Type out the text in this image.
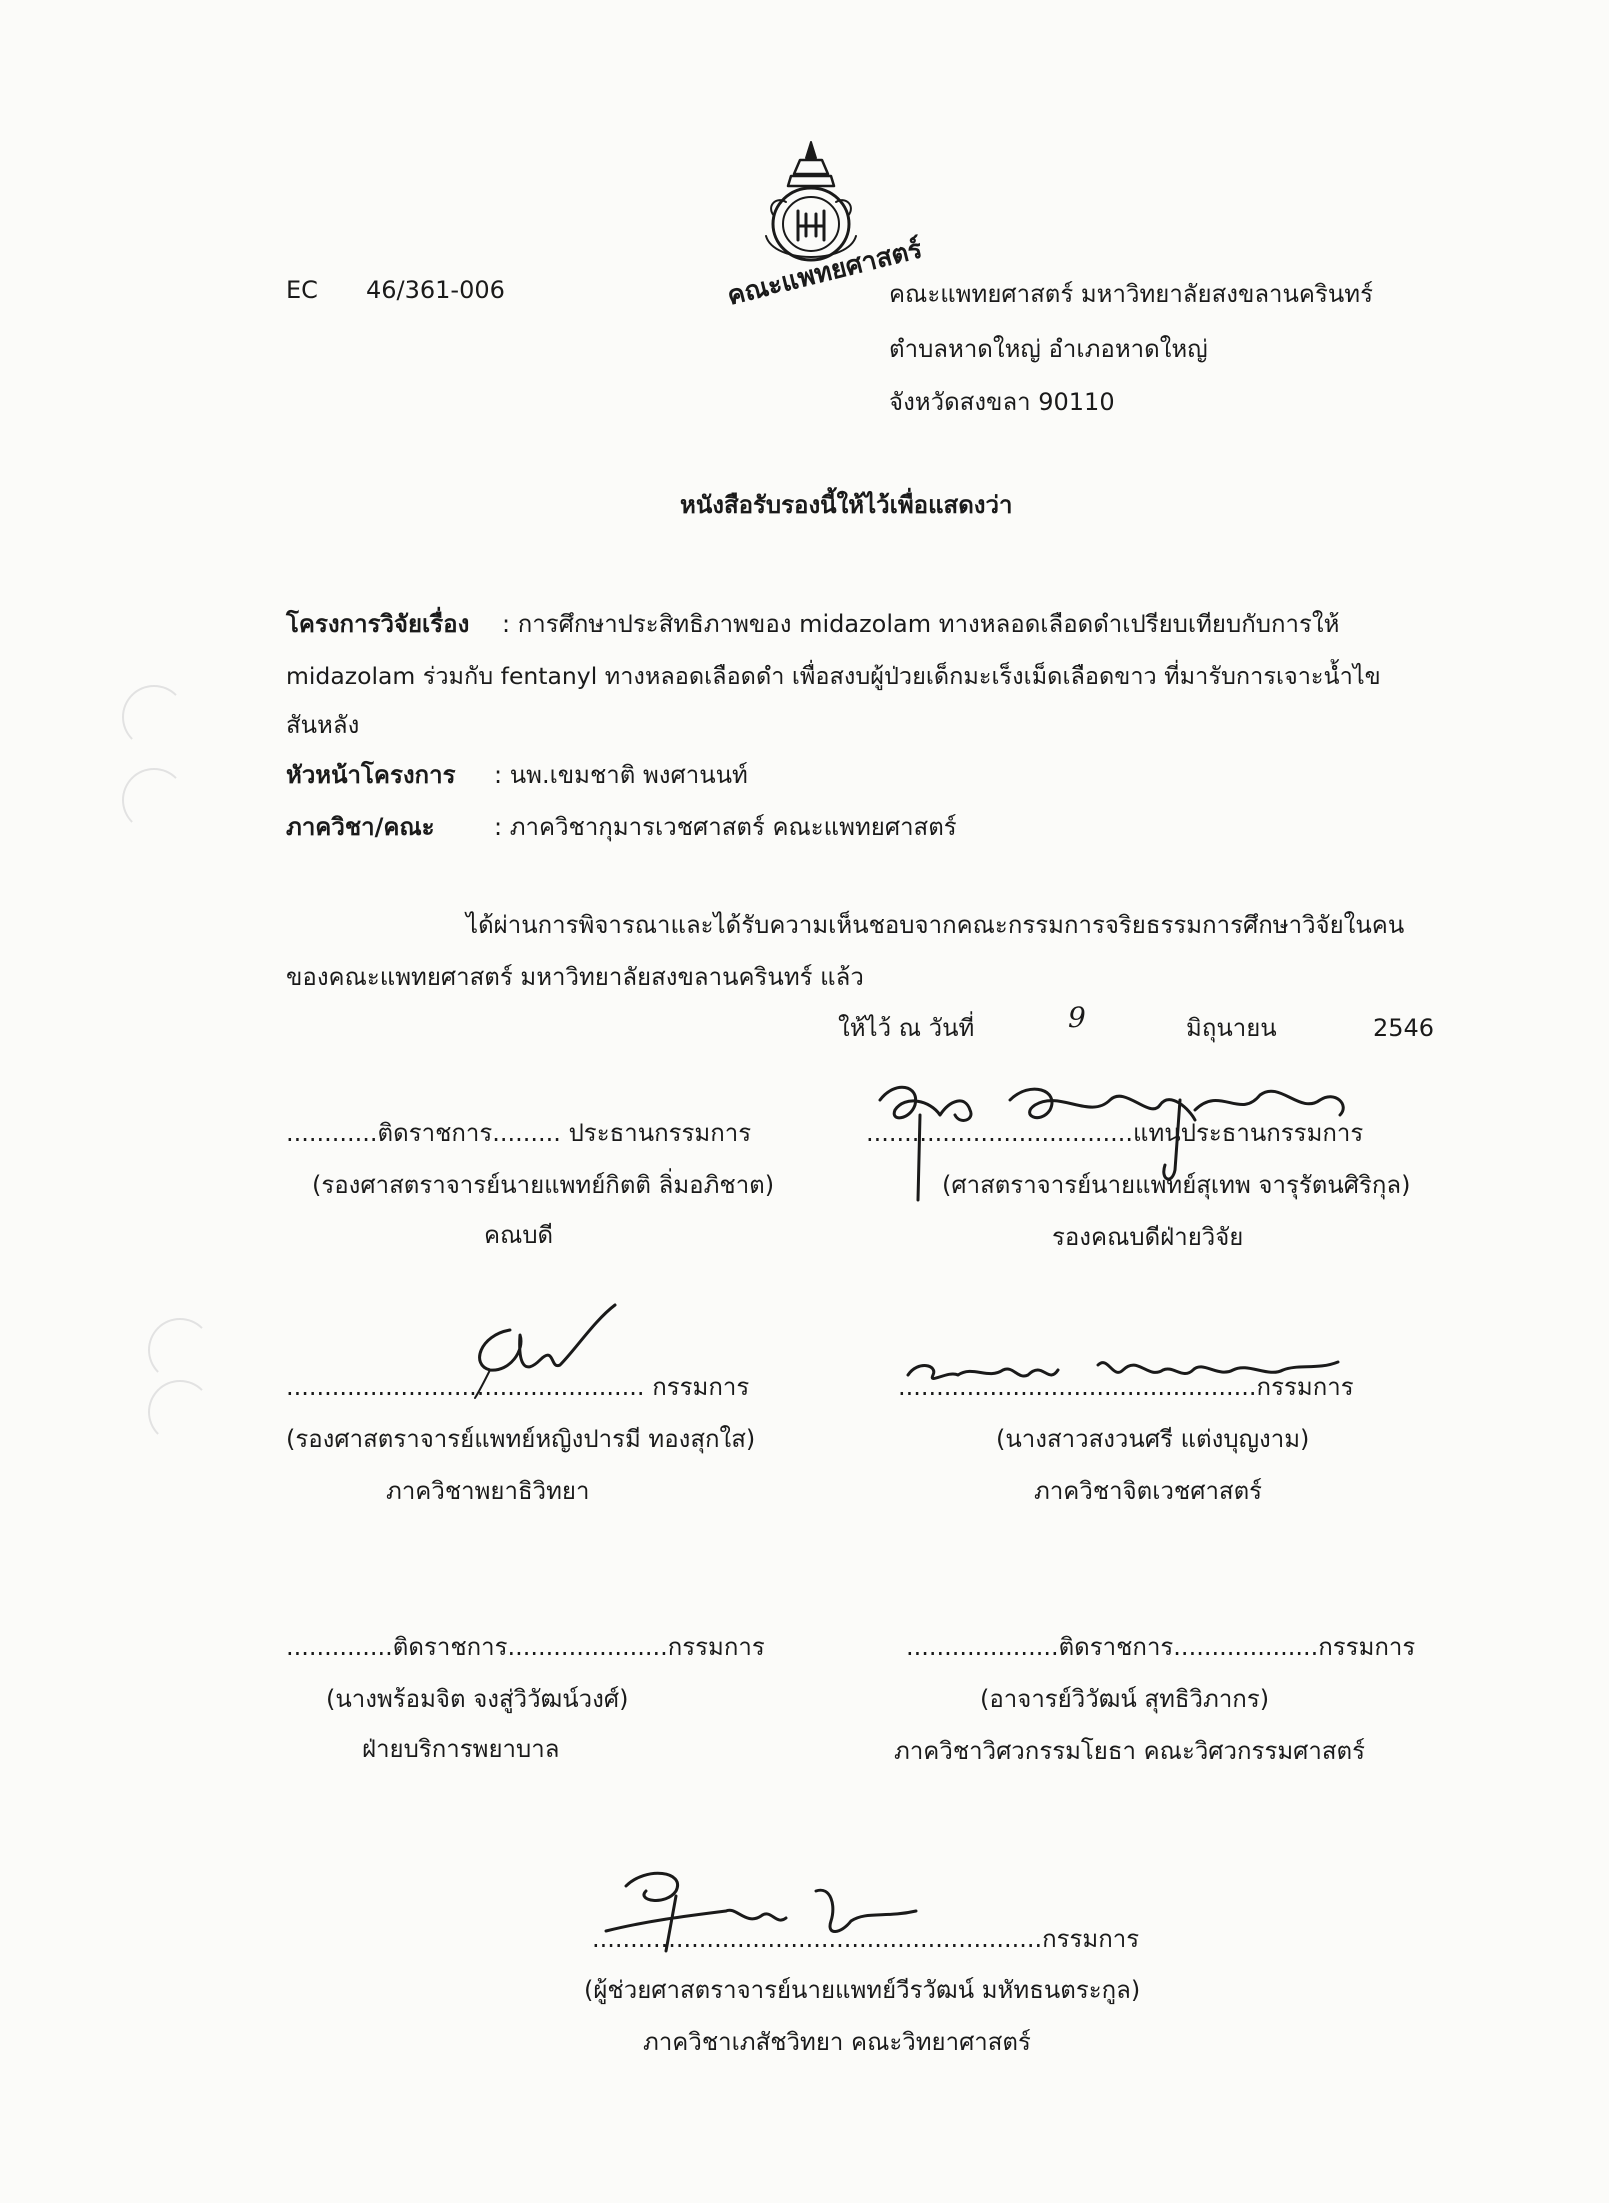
คณะแพทยศาสตร์
EC 46/361-006	คณะแพทยศาสตร์ มหาวิทยาลัยสงขลานครินทร์
ตำบลหาดใหญ่ อำเภอหาดใหญ่
จังหวัดสงขลา 90110
หนังสือรับรองนี้ให้ไว้เพื่อแสดงว่า
โครงการวิจัยเรื่อง : การศึกษาประสิทธิภาพของ midazolam ทางหลอดเลือดดำเปรียบเทียบกับการให้
midazolam ร่วมกับ fentanyl ทางหลอดเลือดดำ เพื่อสงบผู้ป่วยเด็กมะเร็งเม็ดเลือดขาว ที่มารับการเจาะน้ำไข
สันหลัง
หัวหน้าโครงการ : นพ.เขมชาติ พงศานนท์
ภาควิชา/คณะ : ภาควิชากุมารเวชศาสตร์ คณะแพทยศาสตร์
ได้ผ่านการพิจารณาและได้รับความเห็นชอบจากคณะกรรมการจริยธรรมการศึกษาวิจัยในคน
ของคณะแพทยศาสตร์ มหาวิทยาลัยสงขลานครินทร์ แล้ว
ให้ไว้ ณ วันที่	9	มิถุนายน	2546
............ติดราชการ......... ประธานกรรมการ
(รองศาสตราจารย์นายแพทย์กิตติ ลิ่มอภิชาต)
คณบดี
...................................แทนประธานกรรมการ
(ศาสตราจารย์นายแพทย์สุเทพ จารุรัตนศิริกุล)
รองคณบดีฝ่ายวิจัย
............................................... กรรมการ
(รองศาสตราจารย์แพทย์หญิงปารมี ทองสุกใส)
ภาควิชาพยาธิวิทยา
...............................................กรรมการ
(นางสาวสงวนศรี แต่งบุญงาม)
ภาควิชาจิตเวชศาสตร์
..............ติดราชการ.....................กรรมการ
(นางพร้อมจิต จงสู่วิวัฒน์วงศ์)
ฝ่ายบริการพยาบาล
....................ติดราชการ...................กรรมการ
(อาจารย์วิวัฒน์ สุทธิวิภากร)
ภาควิชาวิศวกรรมโยธา คณะวิศวกรรมศาสตร์
...........................................................กรรมการ
(ผู้ช่วยศาสตราจารย์นายแพทย์วีรวัฒน์ มหัทธนตระกูล)
ภาควิชาเภสัชวิทยา คณะวิทยาศาสตร์
